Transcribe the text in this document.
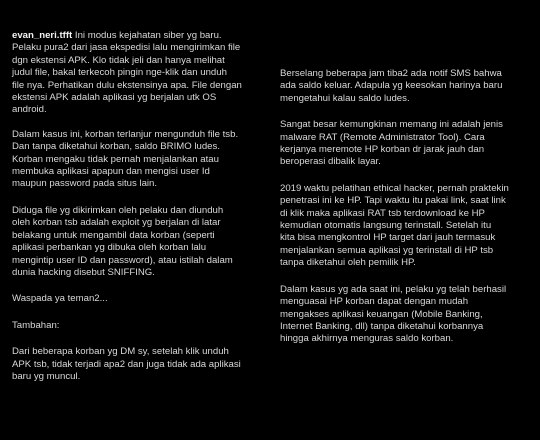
evan_neri.tfft Ini modus kejahatan siber yg baru.
Pelaku pura2 dari jasa ekspedisi lalu mengirimkan file
dgn ekstensi APK. Klo tidak jeli dan hanya melihat
judul file, bakal terkecoh pingin nge-klik dan unduh
file nya. Perhatikan dulu ekstensinya apa. File dengan
ekstensi APK adalah aplikasi yg berjalan utk OS
android.

Dalam kasus ini, korban terlanjur mengunduh file tsb.
Dan tanpa diketahui korban, saldo BRIMO ludes.
Korban mengaku tidak pernah menjalankan atau
membuka aplikasi apapun dan mengisi user Id
maupun password pada situs lain.

Diduga file yg dikirimkan oleh pelaku dan diunduh
oleh korban tsb adalah exploit yg berjalan di latar
belakang untuk mengambil data korban (seperti
aplikasi perbankan yg dibuka oleh korban lalu
mengintip user ID dan password), atau istilah dalam
dunia hacking disebut SNIFFING.

Waspada ya teman2...

Tambahan:

Dari beberapa korban yg DM sy, setelah klik unduh
APK tsb, tidak terjadi apa2 dan juga tidak ada aplikasi
baru yg muncul.

Berselang beberapa jam tiba2 ada notif SMS bahwa
ada saldo keluar. Adapula yg keesokan harinya baru
mengetahui kalau saldo ludes.

Sangat besar kemungkinan memang ini adalah jenis
malware RAT (Remote Administrator Tool). Cara
kerjanya meremote HP korban dr jarak jauh dan
beroperasi dibalik layar.

2019 waktu pelatihan ethical hacker, pernah praktekin
penetrasi ini ke HP. Tapi waktu itu pakai link, saat link
di klik maka aplikasi RAT tsb terdownload ke HP
kemudian otomatis langsung terinstall. Setelah itu
kita bisa mengkontrol HP target dari jauh termasuk
menjalankan semua aplikasi yg terinstall di HP tsb
tanpa diketahui oleh pemilik HP.

Dalam kasus yg ada saat ini, pelaku yg telah berhasil
menguasai HP korban dapat dengan mudah
mengakses aplikasi keuangan (Mobile Banking,
Internet Banking, dll) tanpa diketahui korbannya
hingga akhirnya menguras saldo korban.
